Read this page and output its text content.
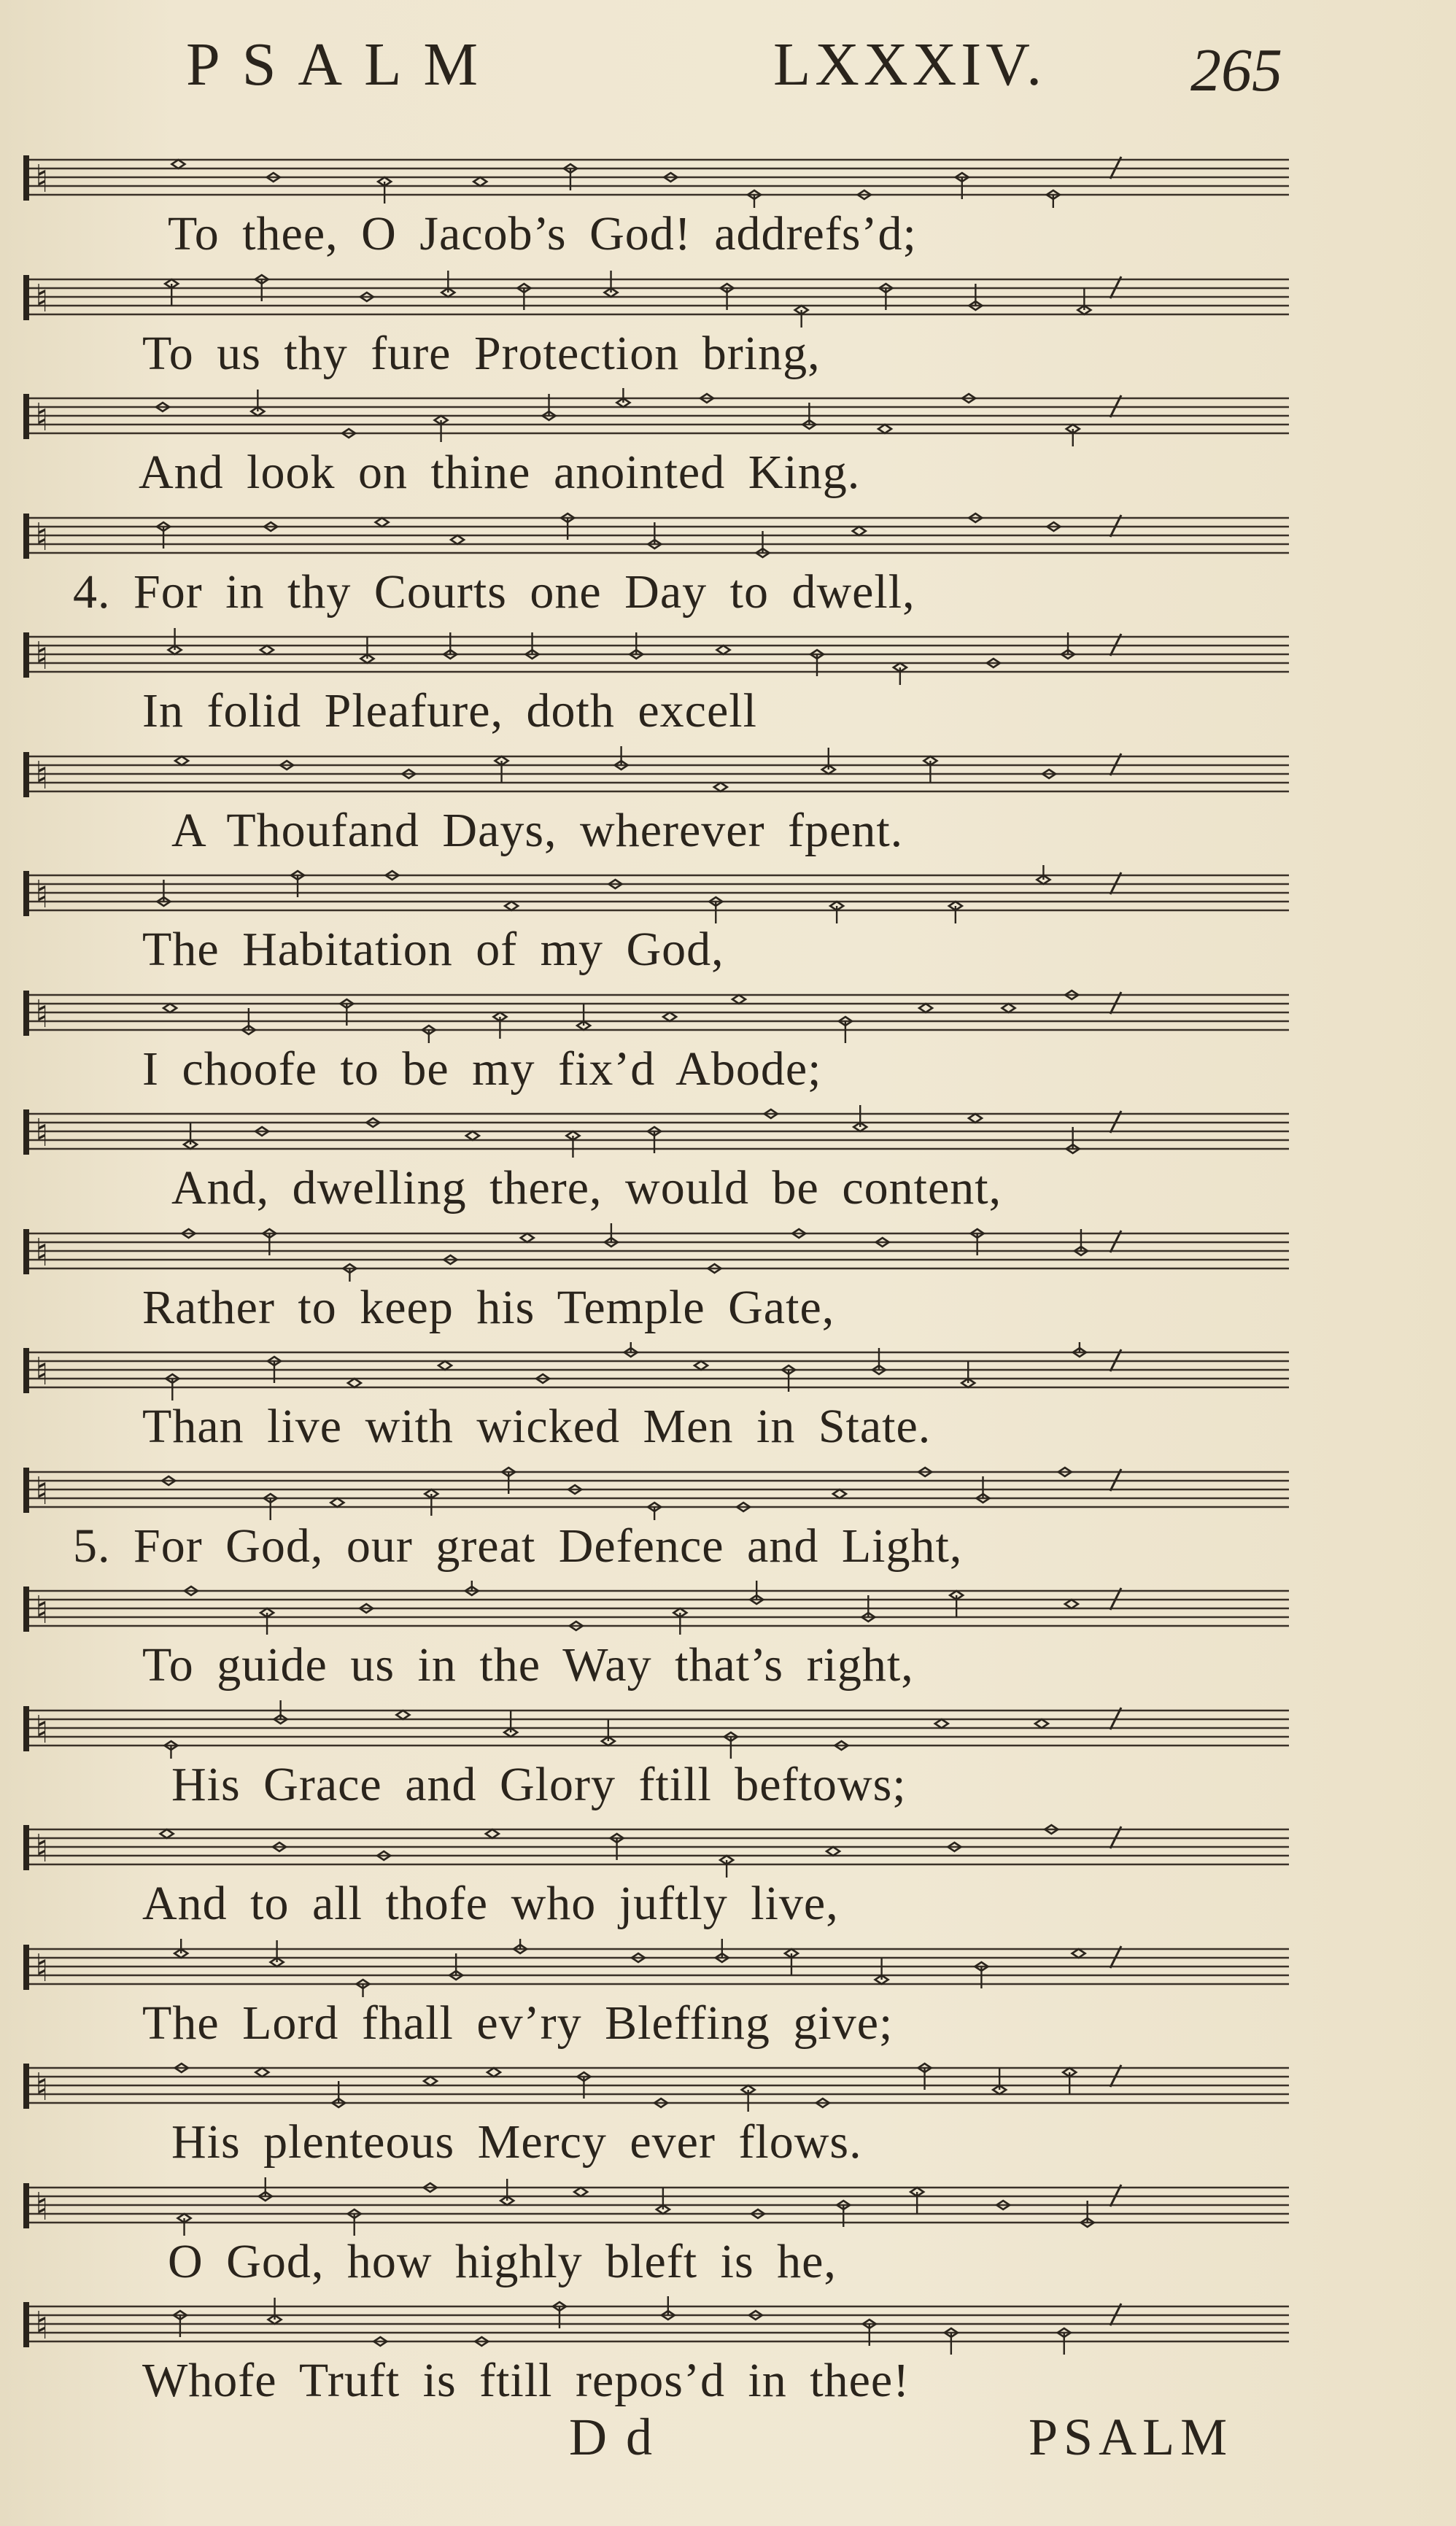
PSALM	LXXXIV. 265
♮
To thee, O Jacob’s God! addrefs’d;
♮
To us thy fure Protection bring,
♮
And look on thine anointed King.
♮
4. For in thy Courts one Day to dwell,
♮
In folid Pleafure, doth excell
♮
A Thoufand Days, wherever fpent.
♮
The Habitation of my God,
♮
I choofe to be my fix’d Abode;
♮
And, dwelling there, would be content,
♮
Rather to keep his Temple Gate,
♮
Than live with wicked Men in State.
♮
5. For God, our great Defence and Light,
♮
To guide us in the Way that’s right,
♮
His Grace and Glory ftill beftows;
♮
And to all thofe who juftly live,
♮
The Lord fhall ev’ry Bleffing give;
♮
His plenteous Mercy ever flows.
♮
O God, how highly bleft is he,
♮
Whofe Truft is ftill repos’d in thee!
Dd	PSALM
